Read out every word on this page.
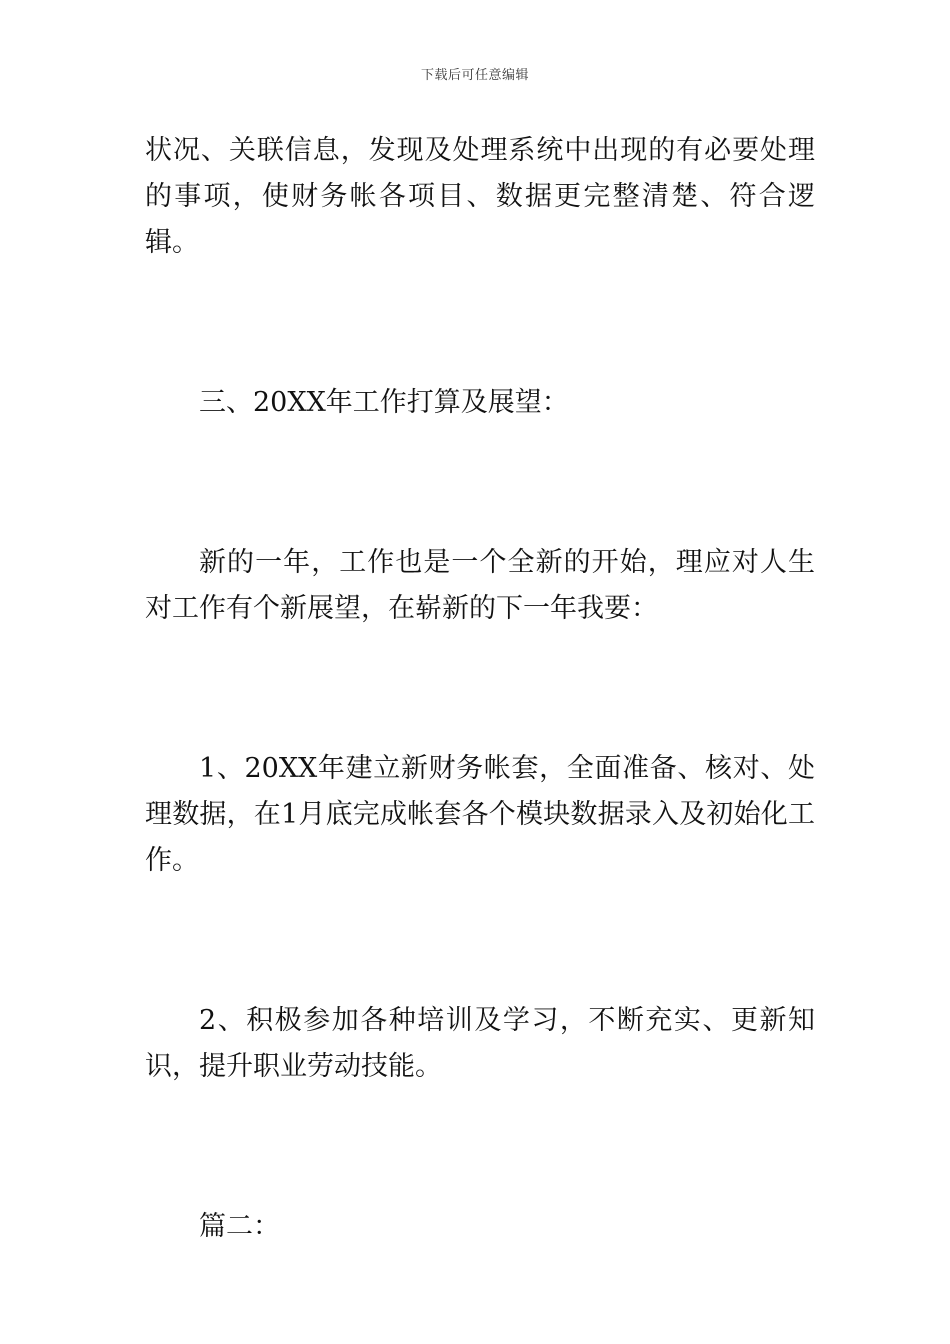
下载后可任意编辑

状况、关联信息，发现及处理系统中出现的有必要处理的事项，使财务帐各项目、数据更完整清楚、符合逻辑。

三、20XX年工作打算及展望：

新的一年，工作也是一个全新的开始，理应对人生对工作有个新展望，在崭新的下一年我要：

1、20XX年建立新财务帐套，全面准备、核对、处理数据，在1月底完成帐套各个模块数据录入及初始化工作。

2、积极参加各种培训及学习，不断充实、更新知识，提升职业劳动技能。

篇二：
